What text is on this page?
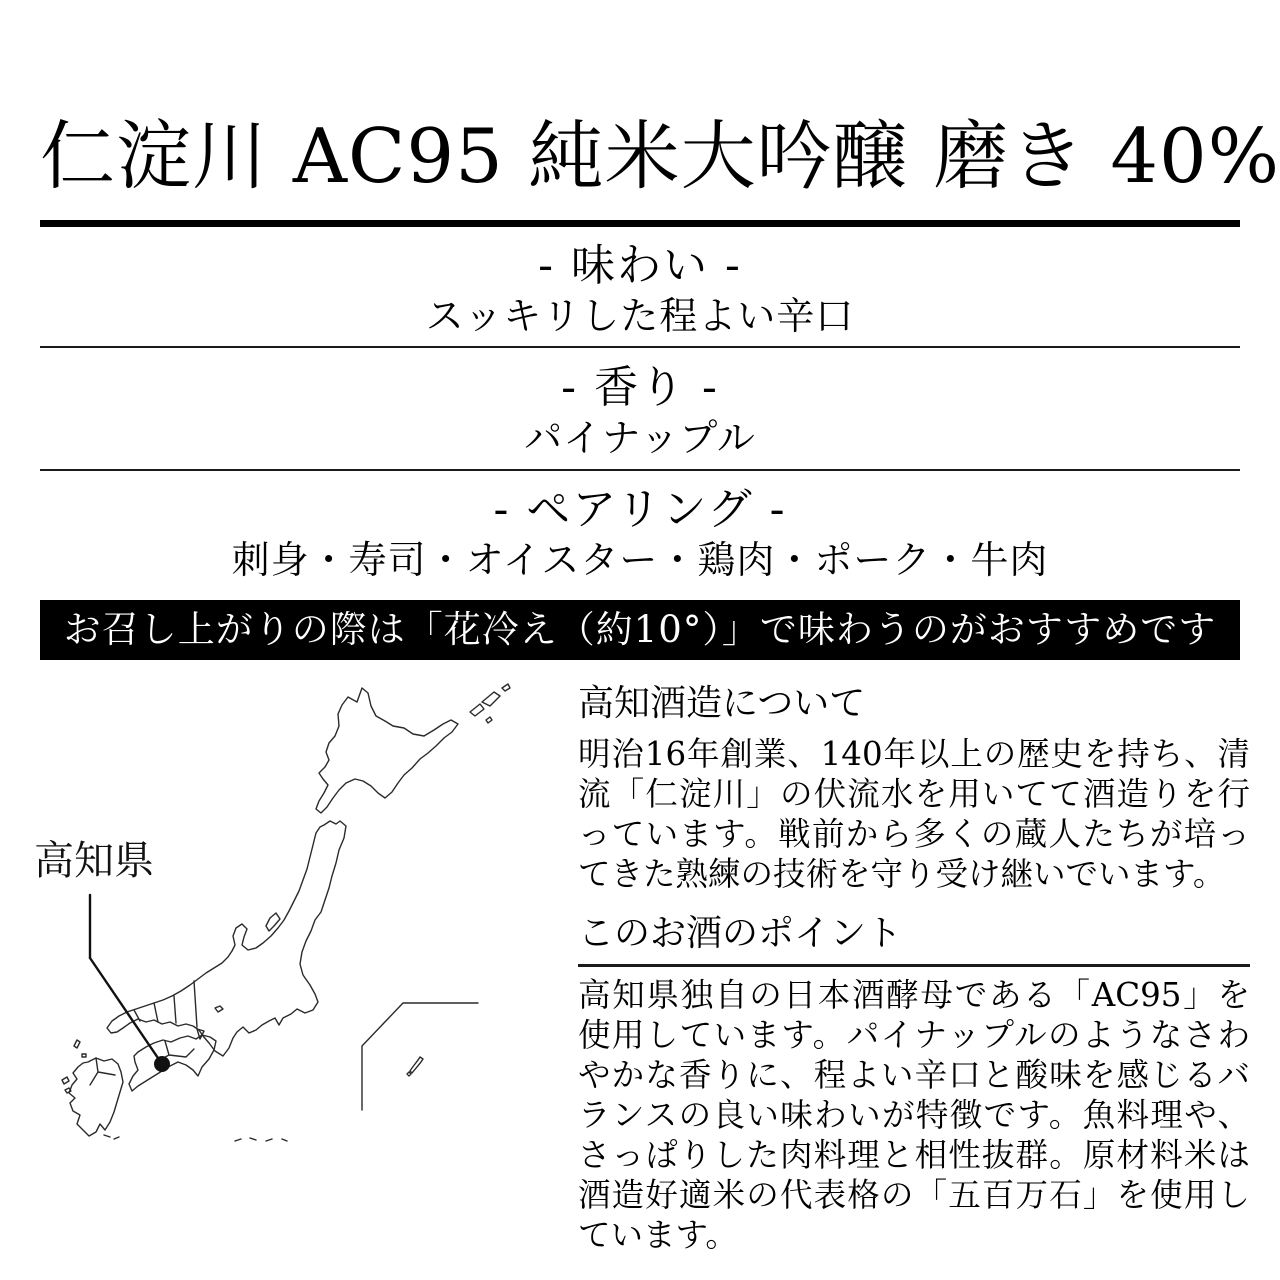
仁淀川 AC95 純米大吟醸 磨き 40%
- 味わい -
スッキリした程よい辛口
- 香り -
パイナップル
- ペアリング -
刺身・寿司・オイスター・鶏肉・ポーク・牛肉
お召し上がりの際は「花冷え（約10°）」で味わうのがおすすめです
高知県
高知酒造について

明治16年創業、140年以上の歴史を持ち、清流「仁淀川」の伏流水を用いてて酒造りを行っています。戦前から多くの蔵人たちが培ってきた熟練の技術を守り受け継いでいます。

このお酒のポイント

高知県独自の日本酒酵母である「AC95」を使用しています。パイナップルのようなさわやかな香りに、程よい辛口と酸味を感じるバランスの良い味わいが特徴です。魚料理や、さっぱりした肉料理と相性抜群。原材料米は酒造好適米の代表格の「五百万石」を使用しています。
